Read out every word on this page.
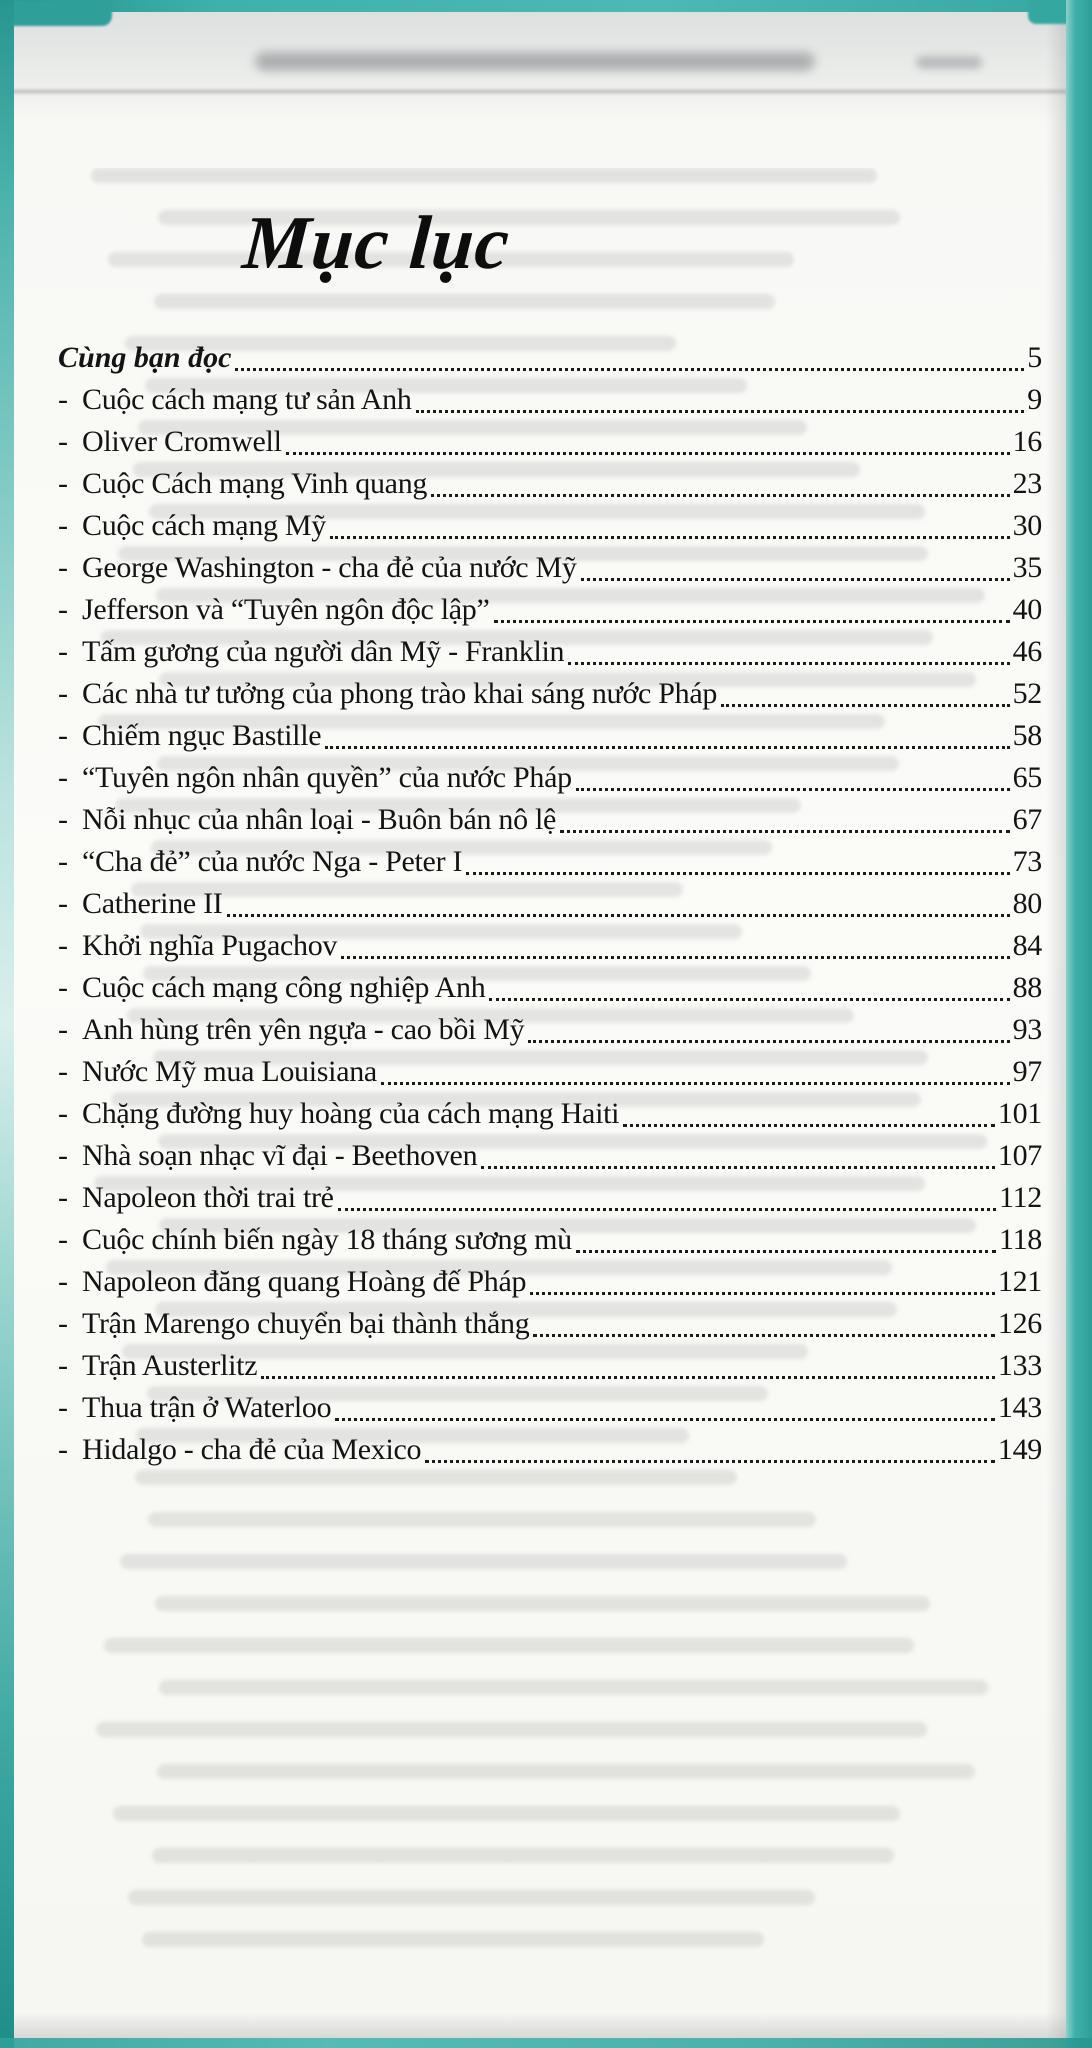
Mục lục
Cùng bạn đọc	5
- Cuộc cách mạng tư sản Anh	9
- Oliver Cromwell	16
- Cuộc Cách mạng Vinh quang	23
- Cuộc cách mạng Mỹ	30
- George Washington - cha đẻ của nước Mỹ	35
- Jefferson và “Tuyên ngôn độc lập”	40
- Tấm gương của người dân Mỹ - Franklin	46
- Các nhà tư tưởng của phong trào khai sáng nước Pháp	52
- Chiếm ngục Bastille	58
- “Tuyên ngôn nhân quyền” của nước Pháp	65
- Nỗi nhục của nhân loại - Buôn bán nô lệ	67
- “Cha đẻ” của nước Nga - Peter I	73
- Catherine II	80
- Khởi nghĩa Pugachov	84
- Cuộc cách mạng công nghiệp Anh	88
- Anh hùng trên yên ngựa - cao bồi Mỹ	93
- Nước Mỹ mua Louisiana	97
- Chặng đường huy hoàng của cách mạng Haiti	101
- Nhà soạn nhạc vĩ đại - Beethoven	107
- Napoleon thời trai trẻ	112
- Cuộc chính biến ngày 18 tháng sương mù	118
- Napoleon đăng quang Hoàng đế Pháp	121
- Trận Marengo chuyển bại thành thắng	126
- Trận Austerlitz	133
- Thua trận ở Waterloo	143
- Hidalgo - cha đẻ của Mexico	149
